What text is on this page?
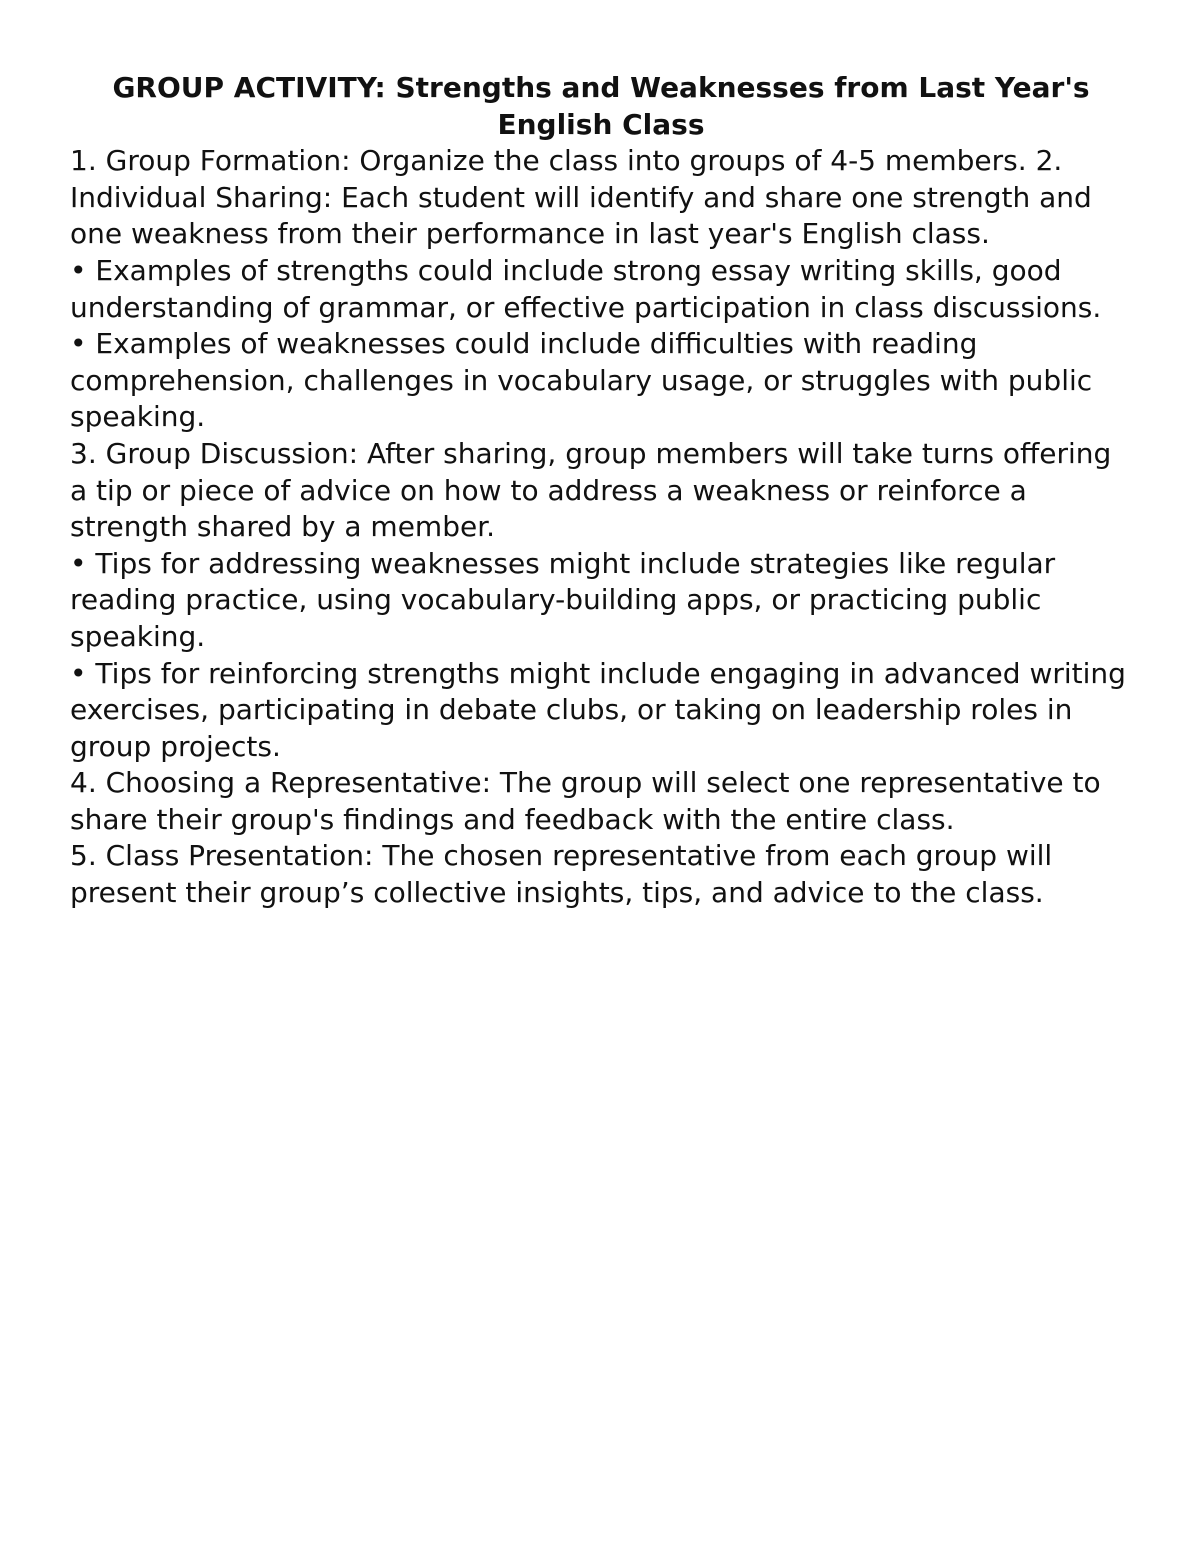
GROUP ACTIVITY: Strengths and Weaknesses from Last Year's English Class

1. Group Formation: Organize the class into groups of 4-5 members. 2. Individual Sharing: Each student will identify and share one strength and one weakness from their performance in last year's English class.

• Examples of strengths could include strong essay writing skills, good understanding of grammar, or effective participation in class discussions.

• Examples of weaknesses could include difficulties with reading comprehension, challenges in vocabulary usage, or struggles with public speaking.

3. Group Discussion: After sharing, group members will take turns offering a tip or piece of advice on how to address a weakness or reinforce a strength shared by a member.

• Tips for addressing weaknesses might include strategies like regular reading practice, using vocabulary-building apps, or practicing public speaking.

• Tips for reinforcing strengths might include engaging in advanced writing exercises, participating in debate clubs, or taking on leadership roles in group projects.

4. Choosing a Representative: The group will select one representative to share their group's findings and feedback with the entire class.

5. Class Presentation: The chosen representative from each group will present their group’s collective insights, tips, and advice to the class.
